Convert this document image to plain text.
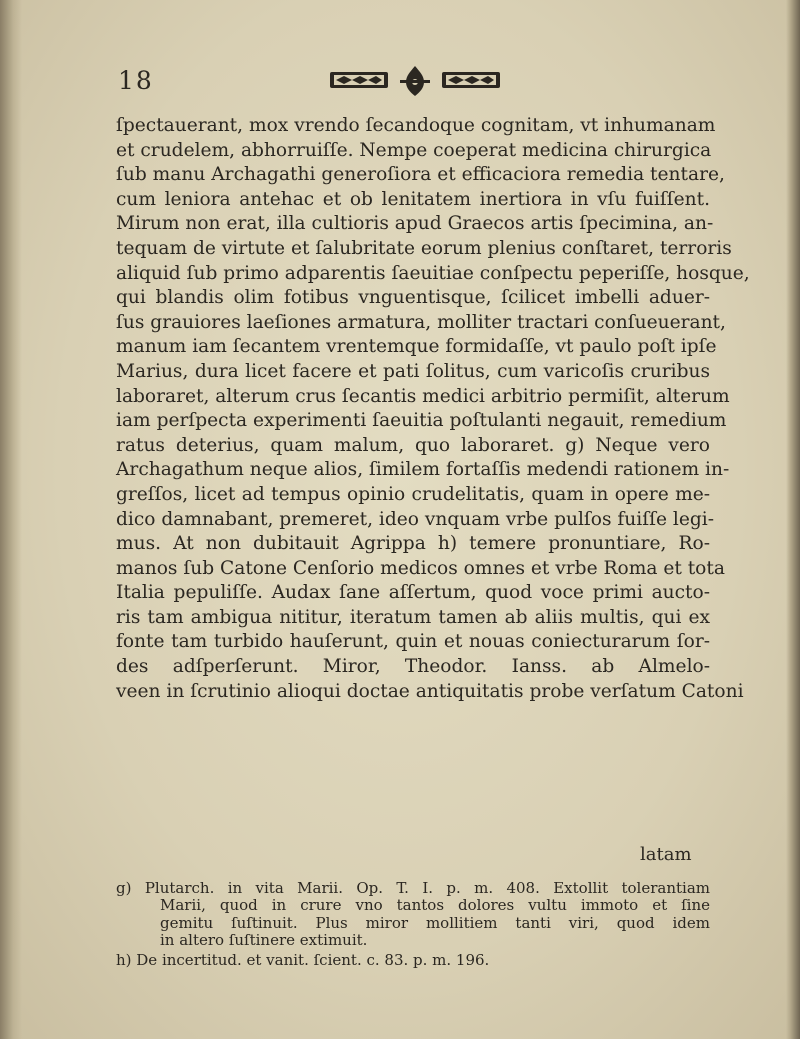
18
ſpectauerant, mox vrendo ſecandoque cognitam, vt inhumanam
et crudelem, abhorruiſſe. Nempe coeperat medicina chirurgica
ſub manu Archagathi generoſiora et efficaciora remedia tentare,
cum leniora antehac et ob lenitatem inertiora in vſu fuiſſent.
Mirum non erat, illa cultioris apud Graecos artis ſpecimina, an-
tequam de virtute et ſalubritate eorum plenius conſtaret, terroris
aliquid ſub primo adparentis ſaeuitiae conſpectu peperiſſe, hosque,
qui blandis olim fotibus vnguentisque, ſcilicet imbelli aduer-
ſus grauiores laeſiones armatura, molliter tractari conſueuerant,
manum iam ſecantem vrentemque formidaſſe, vt paulo poſt ipſe
Marius, dura licet facere et pati ſolitus, cum varicoſis cruribus
laboraret, alterum crus ſecantis medici arbitrio permiſit, alterum
iam perſpecta experimenti ſaeuitia poſtulanti negauit, remedium
ratus deterius, quam malum, quo laboraret. g) Neque vero
Archagathum neque alios, ſimilem fortaſſis medendi rationem in-
greſſos, licet ad tempus opinio crudelitatis, quam in opere me-
dico damnabant, premeret, ideo vnquam vrbe pulſos fuiſſe legi-
mus. At non dubitauit Agrippa h) temere pronuntiare, Ro-
manos ſub Catone Cenſorio medicos omnes et vrbe Roma et tota
Italia pepuliſſe. Audax ſane aſſertum, quod voce primi aucto-
ris tam ambigua nititur, iteratum tamen ab aliis multis, qui ex
fonte tam turbido hauſerunt, quin et nouas coniecturarum ſor-
des adſperſerunt. Miror, Theodor. Ianss. ab Almelo-
veen in ſcrutinio alioqui doctae antiquitatis probe verſatum Catoni
latam
g) Plutarch. in vita Marii. Op. T. I. p. m. 408. Extollit tolerantiam
Marii, quod in crure vno tantos dolores vultu immoto et ſine
gemitu ſuſtinuit. Plus miror mollitiem tanti viri, quod idem
in altero ſuſtinere extimuit.
h) De incertitud. et vanit. ſcient. c. 83. p. m. 196.
